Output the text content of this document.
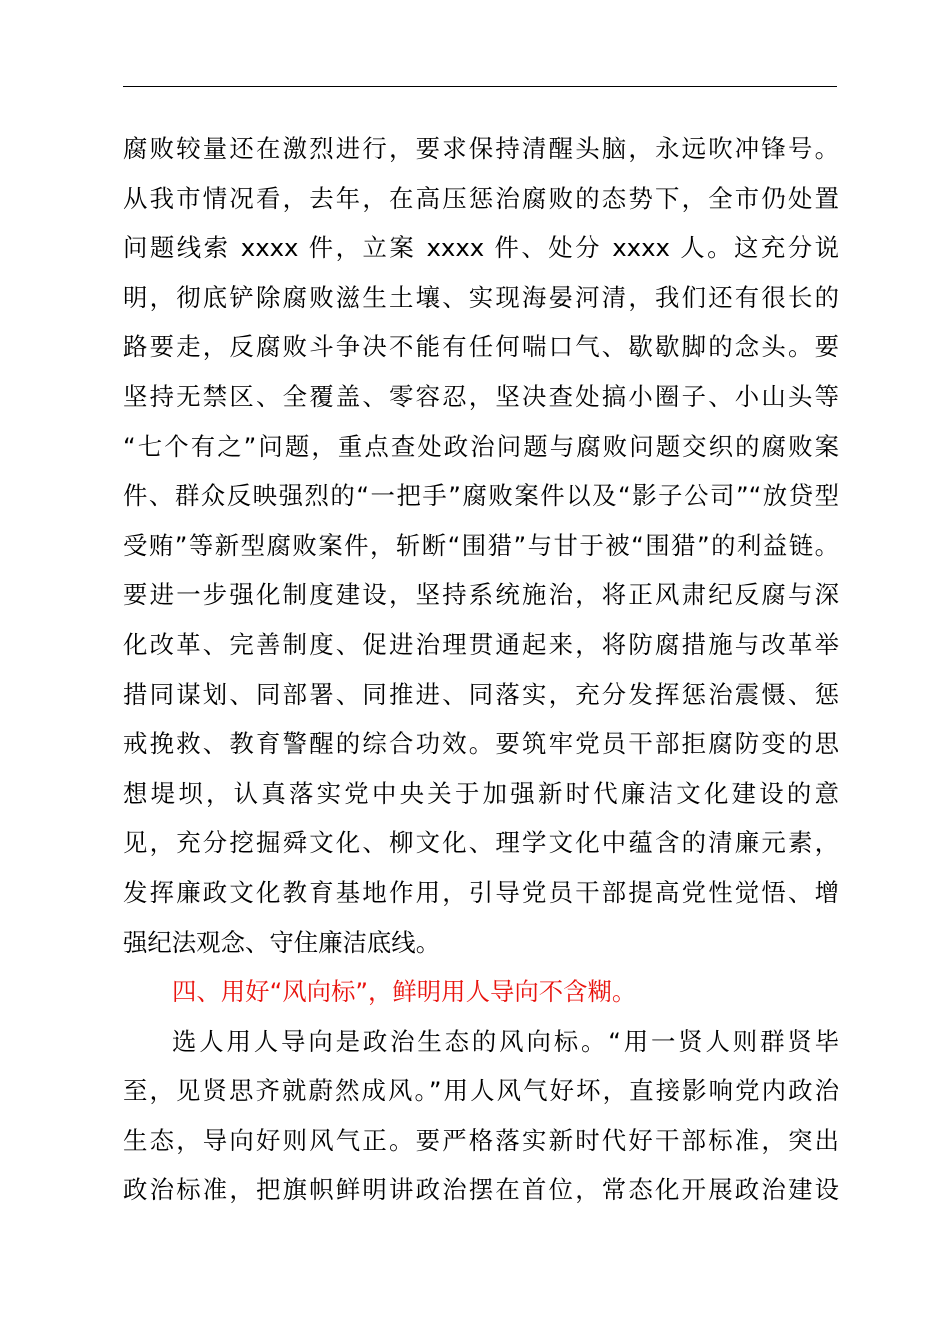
腐败较量还在激烈进行，要求保持清醒头脑，永远吹冲锋号。
从我市情况看，去年，在高压惩治腐败的态势下，全市仍处置
问题线索 xxxx 件，立案 xxxx 件、处分 xxxx 人。这充分说
明，彻底铲除腐败滋生土壤、实现海晏河清，我们还有很长的
路要走，反腐败斗争决不能有任何喘口气、歇歇脚的念头。要
坚持无禁区、全覆盖、零容忍，坚决查处搞小圈子、小山头等
“七个有之”问题，重点查处政治问题与腐败问题交织的腐败案
件、群众反映强烈的“一把手”腐败案件以及“影子公司”“放贷型
受贿”等新型腐败案件，斩断“围猎”与甘于被“围猎”的利益链。
要进一步强化制度建设，坚持系统施治，将正风肃纪反腐与深
化改革、完善制度、促进治理贯通起来，将防腐措施与改革举
措同谋划、同部署、同推进、同落实，充分发挥惩治震慑、惩
戒挽救、教育警醒的综合功效。要筑牢党员干部拒腐防变的思
想堤坝，认真落实党中央关于加强新时代廉洁文化建设的意
见，充分挖掘舜文化、柳文化、理学文化中蕴含的清廉元素，
发挥廉政文化教育基地作用，引导党员干部提高党性觉悟、增
强纪法观念、守住廉洁底线。
四、用好“风向标”，鲜明用人导向不含糊。
选人用人导向是政治生态的风向标。“用一贤人则群贤毕
至，见贤思齐就蔚然成风。”用人风气好坏，直接影响党内政治
生态，导向好则风气正。要严格落实新时代好干部标准，突出
政治标准，把旗帜鲜明讲政治摆在首位，常态化开展政治建设
